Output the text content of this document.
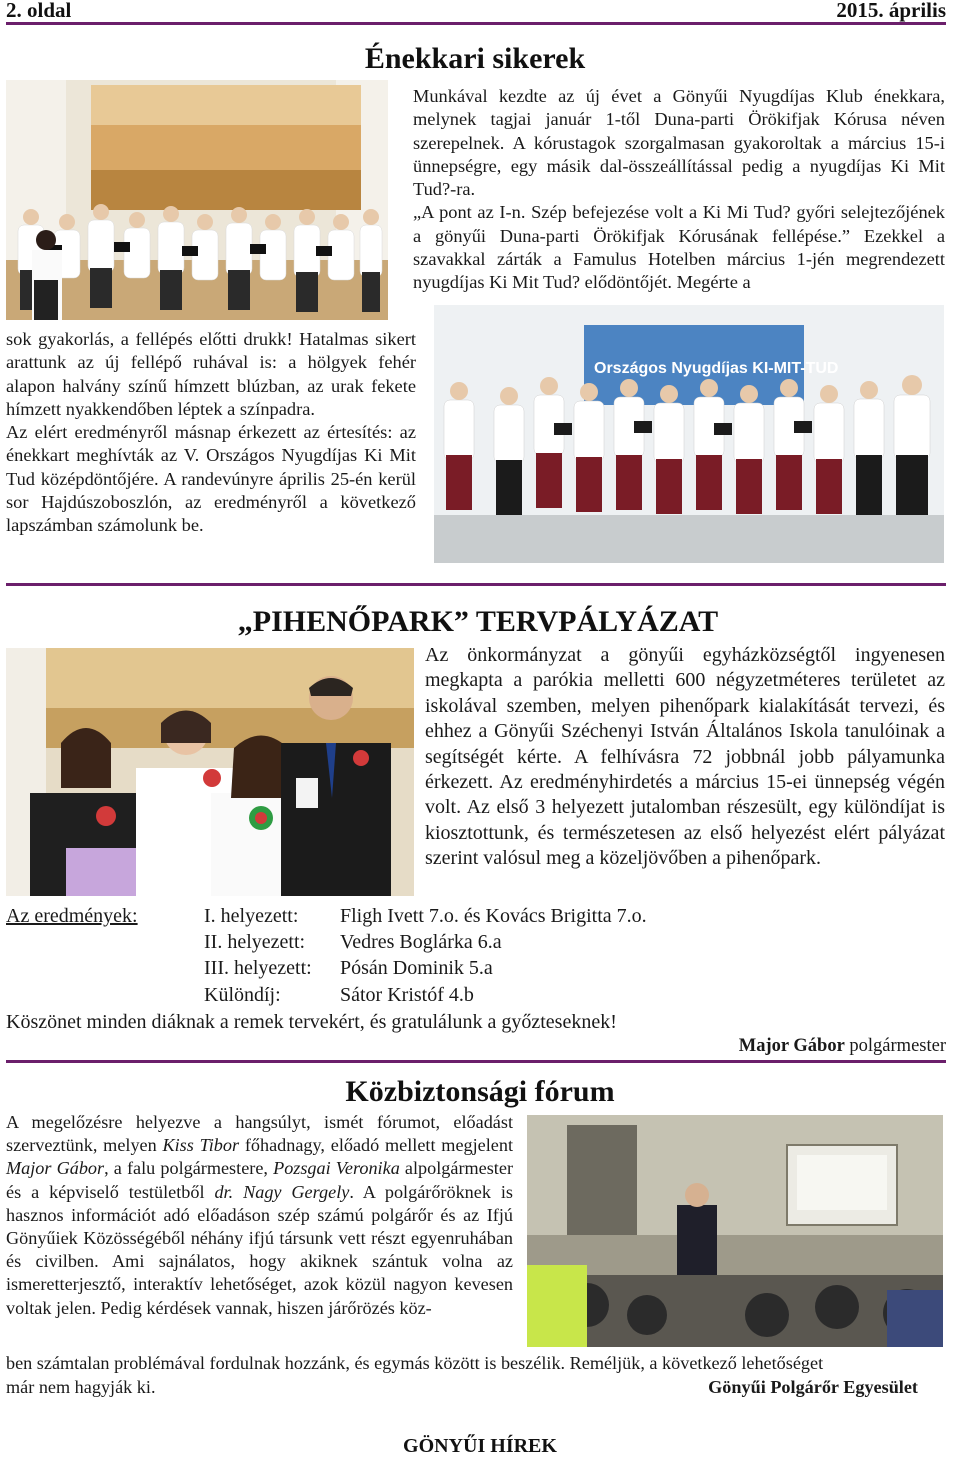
2. oldal	2015. április
Énekkari sikerek

Munkával kezdte az új évet a Gönyűi Nyugdíjas Klub énekkara, melynek tagjai január 1-től Duna-parti Örökifjak Kórusa néven szerepelnek. A kórustagok szorgalmasan gyakoroltak a március 15-i ünnepségre, egy másik dal-összeállítással pedig a nyugdíjas Ki Mit Tud?-ra.

„A pont az I-n. Szép befejezése volt a Ki Mi Tud? győri selejtezőjének a gönyűi Duna-parti Örökifjak Kórusának fellépése.” Ezekkel a szavakkal zárták a Famulus Hotelben március 1-jén megrendezett nyugdíjas Ki Mit Tud? elődöntőjét. Megérte a

sok gyakorlás, a fellépés előtti drukk! Hatalmas sikert arattunk az új fellépő ruhával is: a hölgyek fehér alapon halvány színű hímzett blúzban, az urak fekete hímzett nyakkendőben léptek a színpadra.

Az elért eredményről másnap érkezett az értesítés: az énekkart meghívták az V. Országos Nyugdíjas Ki Mit Tud középdöntőjére. A randevúnyre április 25-én kerül sor Hajdúszoboszlón, az eredményről a következő lapszámban számolunk be.

Országos Nyugdíjas KI-MIT-TUD
„PIHENŐPARK” TERVPÁLYÁZAT

Az önkormányzat a gönyűi egyházközségtől ingyenesen megkapta a parókia melletti 600 négyzetméteres területet az iskolával szemben, melyen pihenőpark kialakítását tervezi, és ehhez a Gönyűi Széchenyi István Általános Iskola tanulóinak a segítségét kérte. A felhívásra 72 jobbnál jobb pályamunka érkezett. Az eredményhirdetés a március 15-ei ünnepség végén volt. Az első 3 helyezett jutalomban részesült, egy különdíjat is kiosztottunk, és természetesen az első helyezést elért pályázat szerint valósul meg a közeljövőben a pihenőpark.

Az eredmények:	I. helyezett: Fligh Ivett 7.o. és Kovács Brigitta 7.o.
II. helyezett: Vedres Boglárka 6.a
III. helyezett: Pósán Dominik 5.a
Különdíj:	Sátor Kristóf 4.b
Köszönet minden diáknak a remek tervekért, és gratulálunk a győzteseknek!
Major Gábor polgármester
Közbiztonsági fórum

A megelőzésre helyezve a hangsúlyt, ismét fórumot, előadást szerveztünk, melyen Kiss Tibor főhadnagy, előadó mellett megjelent Major Gábor, a falu polgármestere, Pozsgai Veronika alpolgármester és a képviselő testületből dr. Nagy Gergely. A polgárőröknek is hasznos információt adó előadáson szép számú polgárőr és az Ifjú Gönyűiek Közösségéből néhány ifjú társunk vett részt egyenruhában és civilben. Ami sajnálatos, hogy akiknek szántuk volna az ismeretterjesztő, interaktív lehetőséget, azok közül nagyon kevesen voltak jelen. Pedig kérdések vannak, hiszen járőrözés köz-

ben számtalan problémával fordulnak hozzánk, és egymás között is beszélik. Reméljük, a következő lehetőséget
már nem hagyják ki.	Gönyűi Polgárőr Egyesület
GÖNYŰI HÍREK
